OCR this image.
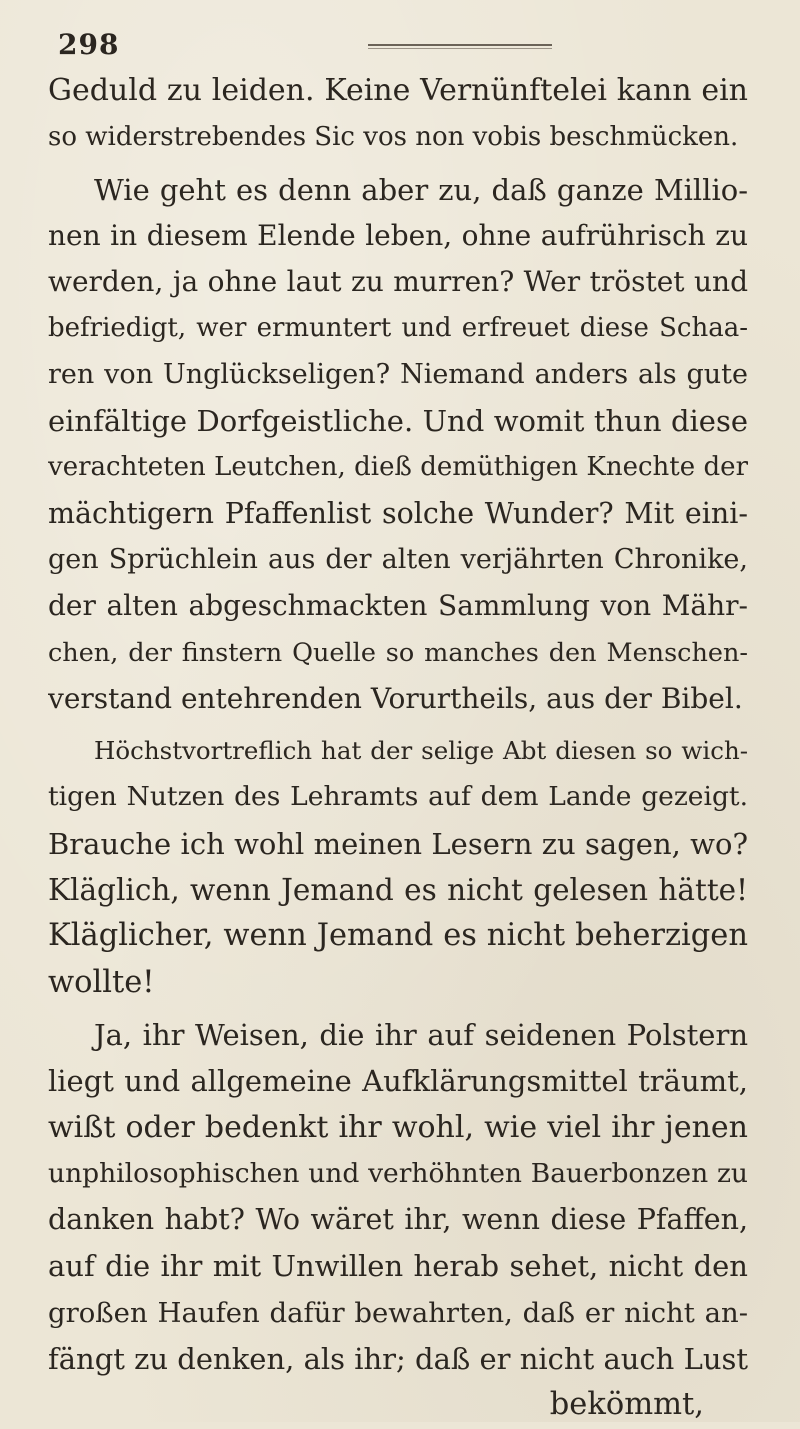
298
Geduld zu leiden. Keine Vernünftelei kann ein
so widerstrebendes Sic vos non vobis beschmücken.
Wie geht es denn aber zu, daß ganze Millio-
nen in diesem Elende leben, ohne aufrührisch zu
werden, ja ohne laut zu murren? Wer tröstet und
befriedigt, wer ermuntert und erfreuet diese Schaa-
ren von Unglückseligen? Niemand anders als gute
einfältige Dorfgeistliche. Und womit thun diese
verachteten Leutchen, dieß demüthigen Knechte der
mächtigern Pfaffenlist solche Wunder? Mit eini-
gen Sprüchlein aus der alten verjährten Chronike,
der alten abgeschmackten Sammlung von Mähr-
chen, der finstern Quelle so manches den Menschen-
verstand entehrenden Vorurtheils, aus der Bibel.
Höchstvortreflich hat der selige Abt diesen so wich-
tigen Nutzen des Lehramts auf dem Lande gezeigt.
Brauche ich wohl meinen Lesern zu sagen, wo?
Kläglich, wenn Jemand es nicht gelesen hätte!
Kläglicher, wenn Jemand es nicht beherzigen
wollte!
Ja, ihr Weisen, die ihr auf seidenen Polstern
liegt und allgemeine Aufklärungsmittel träumt,
wißt oder bedenkt ihr wohl, wie viel ihr jenen
unphilosophischen und verhöhnten Bauerbonzen zu
danken habt? Wo wäret ihr, wenn diese Pfaffen,
auf die ihr mit Unwillen herab sehet, nicht den
großen Haufen dafür bewahrten, daß er nicht an-
fängt zu denken, als ihr; daß er nicht auch Lust
bekömmt,
